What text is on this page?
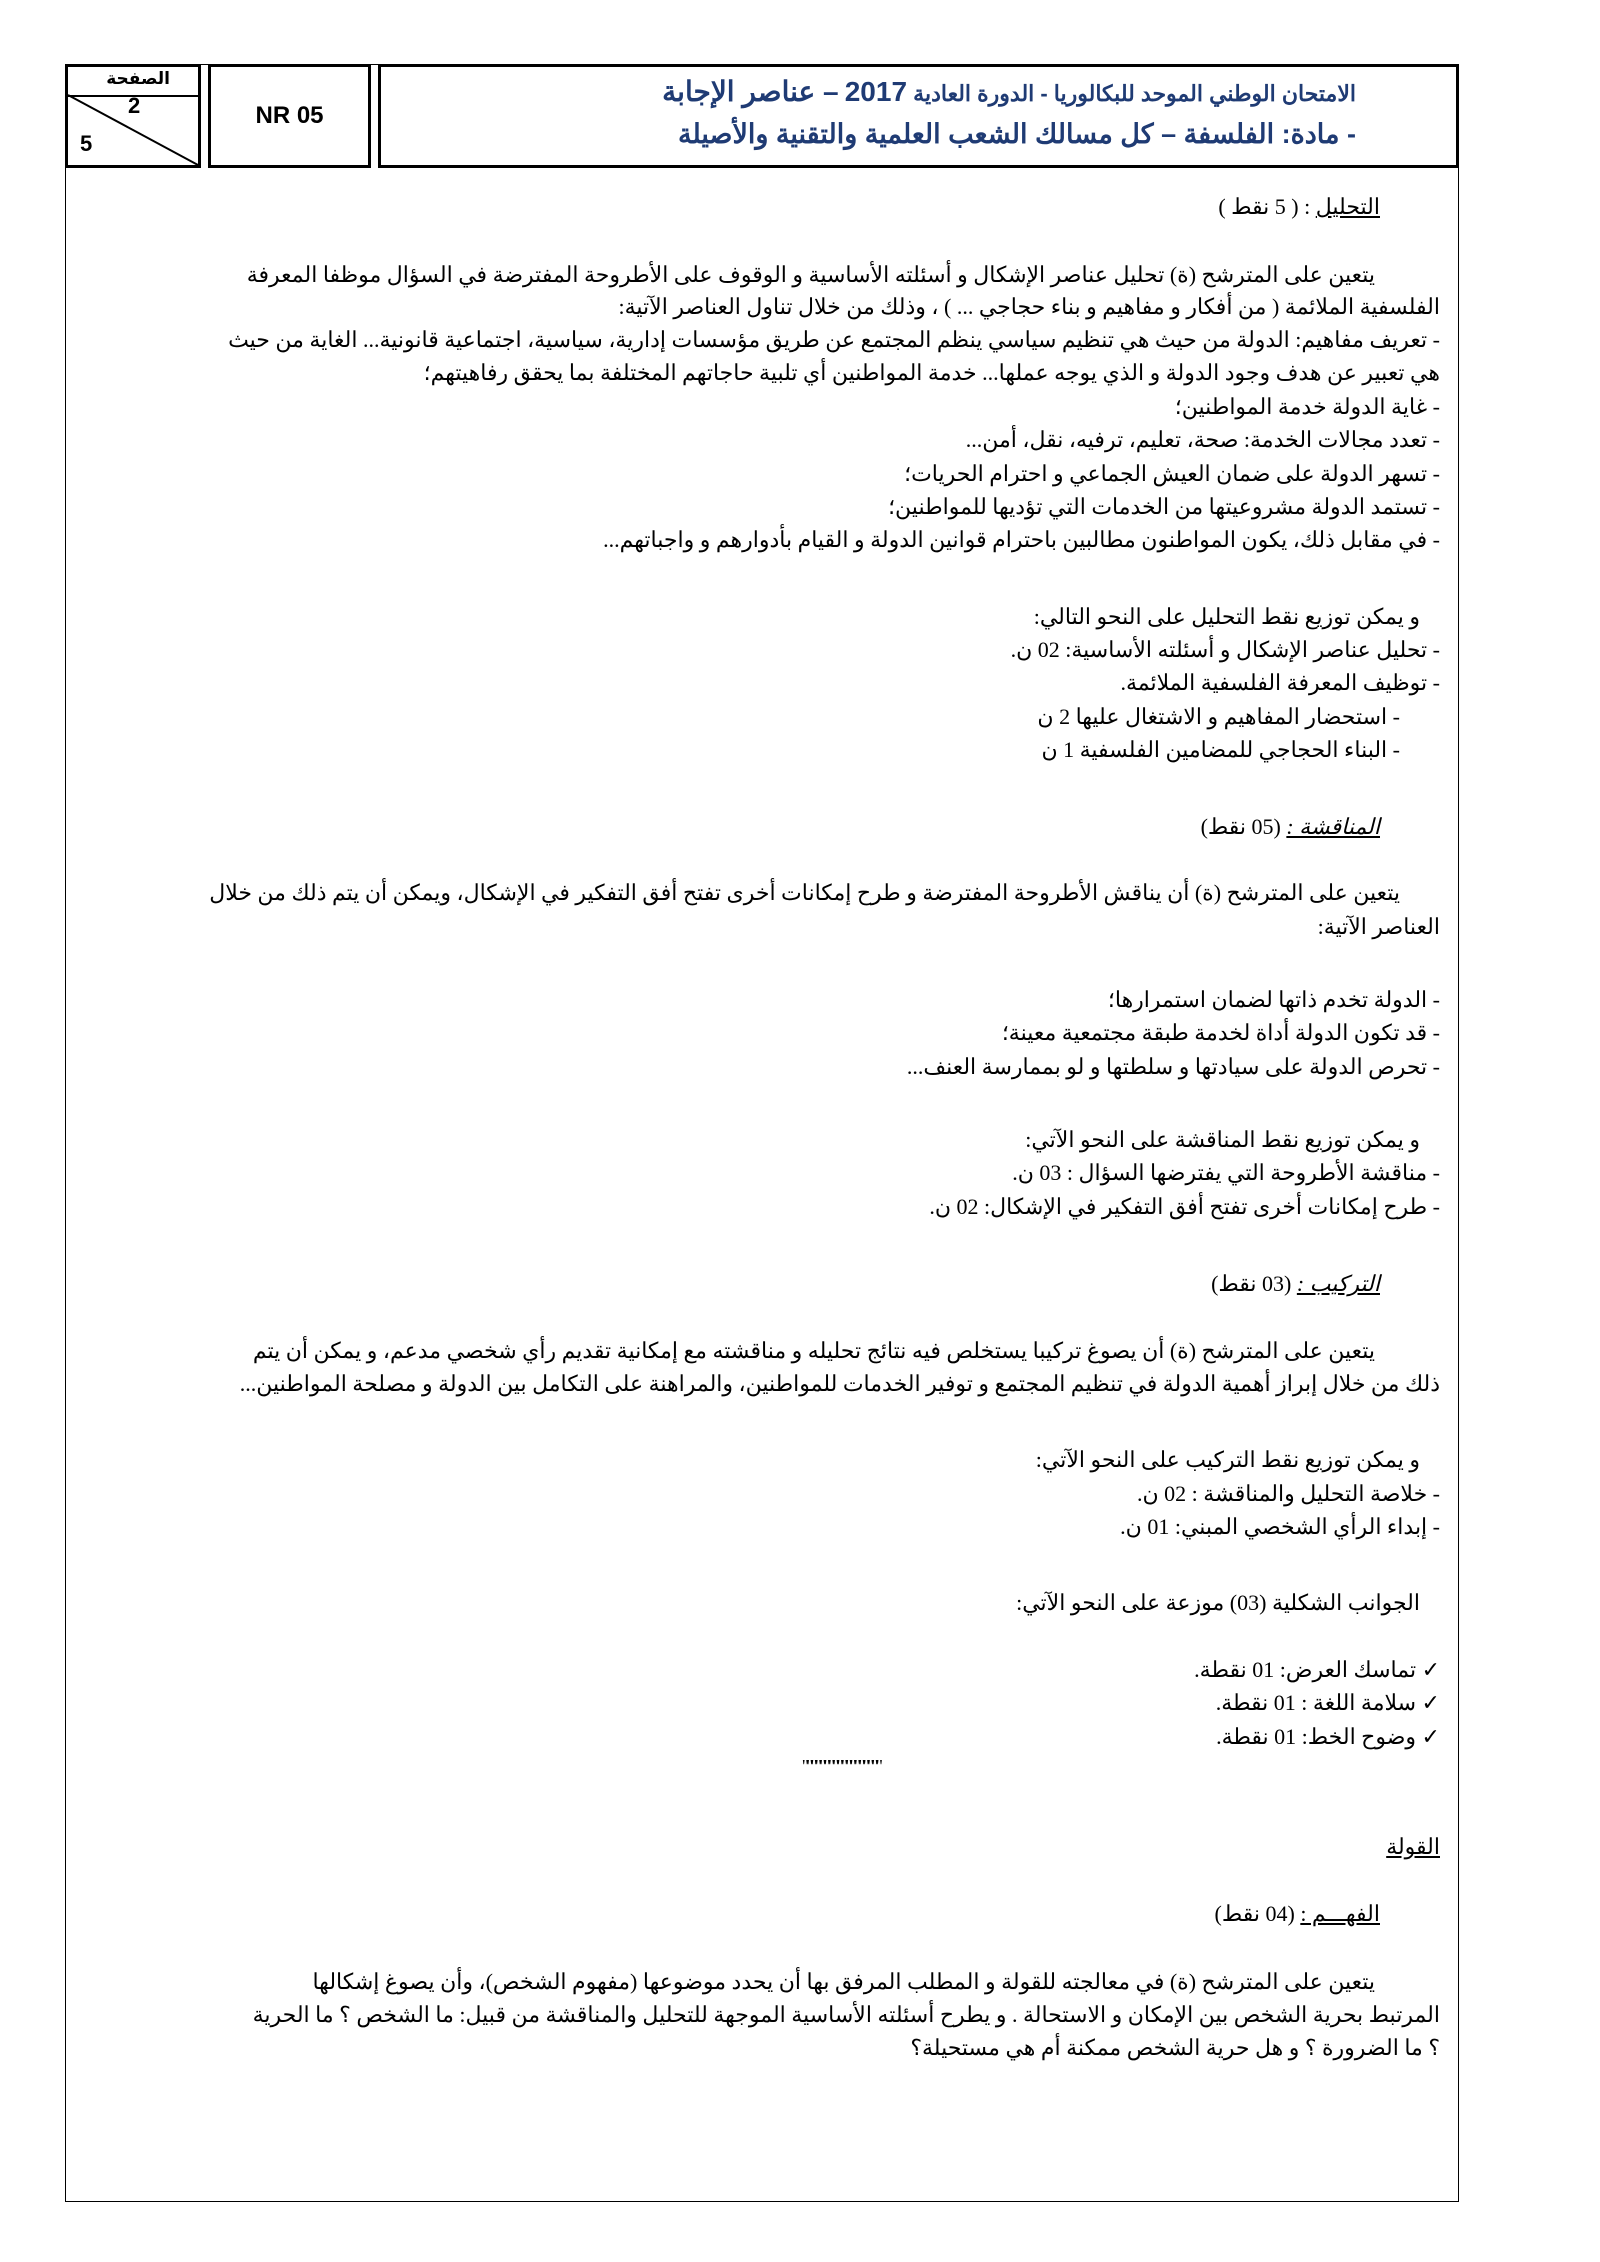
الصفحة
2
5
NR 05
الامتحان الوطني الموحد للبكالوريا - الدورة العادية 2017 – عناصر الإجابة
- مادة: الفلسفة – كل مسالك الشعب العلمية والتقنية والأصيلة
التحليل : ( 5 نقط )
يتعين على المترشح (ة) تحليل عناصر الإشكال و أسئلته الأساسية و الوقوف على الأطروحة المفترضة في السؤال موظفا المعرفة
الفلسفية الملائمة ( من أفكار و مفاهيم و بناء حجاجي ... ) ، وذلك من خلال تناول العناصر الآتية:
- تعريف مفاهيم: الدولة من حيث هي تنظيم سياسي ينظم المجتمع عن طريق مؤسسات إدارية، سياسية، اجتماعية قانونية... الغاية من حيث
هي تعبير عن هدف وجود الدولة و الذي يوجه عملها... خدمة المواطنين أي تلبية حاجاتهم المختلفة بما يحقق رفاهيتهم؛
- غاية الدولة خدمة المواطنين؛
- تعدد مجالات الخدمة: صحة، تعليم، ترفيه، نقل، أمن...
- تسهر الدولة على ضمان العيش الجماعي و احترام الحريات؛
- تستمد الدولة مشروعيتها من الخدمات التي تؤديها للمواطنين؛
- في مقابل ذلك، يكون المواطنون مطالبين باحترام قوانين الدولة و القيام بأدوارهم و واجباتهم...
و يمكن توزيع نقط التحليل على النحو التالي:
- تحليل عناصر الإشكال و أسئلته الأساسية: 02 ن.
- توظيف المعرفة الفلسفية الملائمة.
- استحضار المفاهيم و الاشتغال عليها 2 ن
- البناء الحجاجي للمضامين الفلسفية 1 ن
المناقشة : (05 نقط)
يتعين على المترشح (ة) أن يناقش الأطروحة المفترضة و طرح إمكانات أخرى تفتح أفق التفكير في الإشكال، ويمكن أن يتم ذلك من خلال
العناصر الآتية:
- الدولة تخدم ذاتها لضمان استمرارها؛
- قد تكون الدولة أداة لخدمة طبقة مجتمعية معينة؛
- تحرص الدولة على سيادتها و سلطتها و لو بممارسة العنف...
و يمكن توزيع نقط المناقشة على النحو الآتي:
- مناقشة الأطروحة التي يفترضها السؤال : 03 ن.
- طرح إمكانات أخرى تفتح أفق التفكير في الإشكال: 02 ن.
التركيب : (03 نقط)
يتعين على المترشح (ة) أن يصوغ تركيبا يستخلص فيه نتائج تحليله و مناقشته مع إمكانية تقديم رأي شخصي مدعم، و يمكن أن يتم
ذلك من خلال إبراز أهمية الدولة في تنظيم المجتمع و توفير الخدمات للمواطنين، والمراهنة على التكامل بين الدولة و مصلحة المواطنين...
و يمكن توزيع نقط التركيب على النحو الآتي:
- خلاصة التحليل والمناقشة : 02 ن.
- إبداء الرأي الشخصي المبني: 01 ن.
الجوانب الشكلية (03) موزعة على النحو الآتي:
✓ تماسك العرض: 01 نقطة.
✓ سلامة اللغة : 01 نقطة.
✓ وضوح الخط: 01 نقطة.
""""""""""""""""""
القولة
الفهـــم : (04 نقط)
يتعين على المترشح (ة) في معالجته للقولة و المطلب المرفق بها أن يحدد موضوعها (مفهوم الشخص)، وأن يصوغ إشكالها
المرتبط بحرية الشخص بين الإمكان و الاستحالة . و يطرح أسئلته الأساسية الموجهة للتحليل والمناقشة من قبيل: ما الشخص ؟ ما الحرية
؟ ما الضرورة ؟ و هل حرية الشخص ممكنة أم هي مستحيلة؟
